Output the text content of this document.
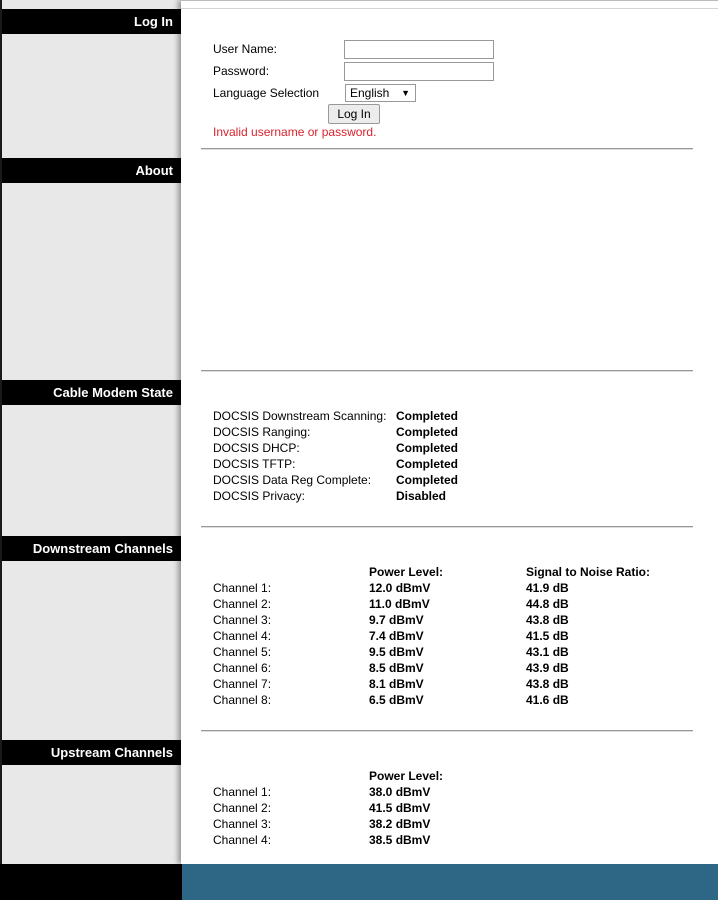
Log In
About
Cable Modem State
Downstream Channels
Upstream Channels
User Name:
Password:
Language Selection	English ▼
Log In
Invalid username or password.
DOCSIS Downstream Scanning: Completed
DOCSIS Ranging:	Completed
DOCSIS DHCP:	Completed
DOCSIS TFTP:	Completed
DOCSIS Data Reg Complete: Completed
DOCSIS Privacy:	Disabled
Power Level:	Signal to Noise Ratio:
Channel 1:	12.0 dBmV	41.9 dB
Channel 2:	11.0 dBmV	44.8 dB
Channel 3:	9.7 dBmV	43.8 dB
Channel 4:	7.4 dBmV	41.5 dB
Channel 5:	9.5 dBmV	43.1 dB
Channel 6:	8.5 dBmV	43.9 dB
Channel 7:	8.1 dBmV	43.8 dB
Channel 8:	6.5 dBmV	41.6 dB
Power Level:
Channel 1:	38.0 dBmV
Channel 2:	41.5 dBmV
Channel 3:	38.2 dBmV
Channel 4:	38.5 dBmV
